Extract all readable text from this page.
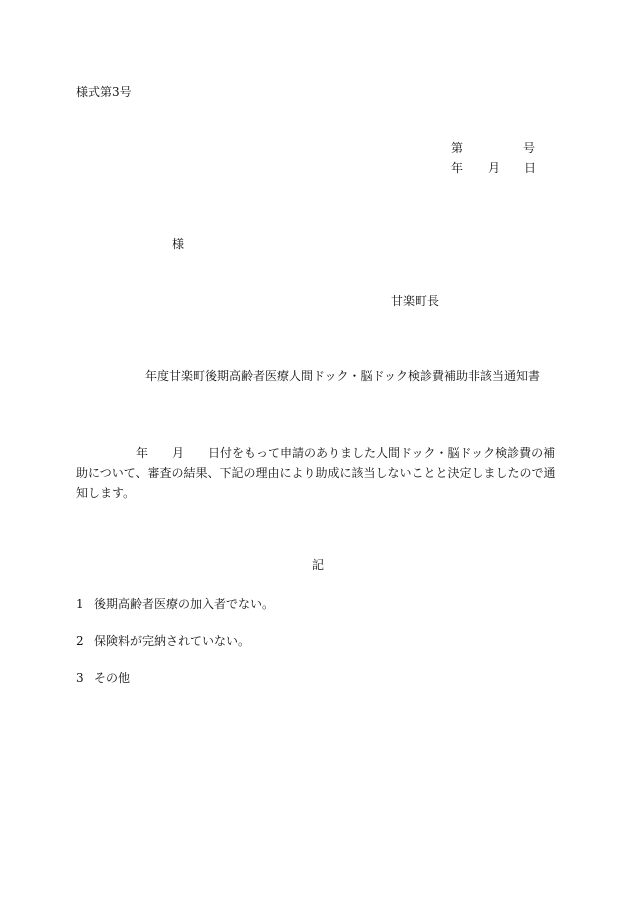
様式第3号
第	号
年 月 日
様
甘楽町長
年度甘楽町後期高齢者医療人間ドック・脳ドック検診費補助非該当通知書
年 月 日付をもって申請のありました人間ドック・脳ドック検診費の補助について、審査の結果、下記の理由により助成に該当しないことと決定しましたので通知します。
記
1 後期高齢者医療の加入者でない。
2 保険料が完納されていない。
3 その他
